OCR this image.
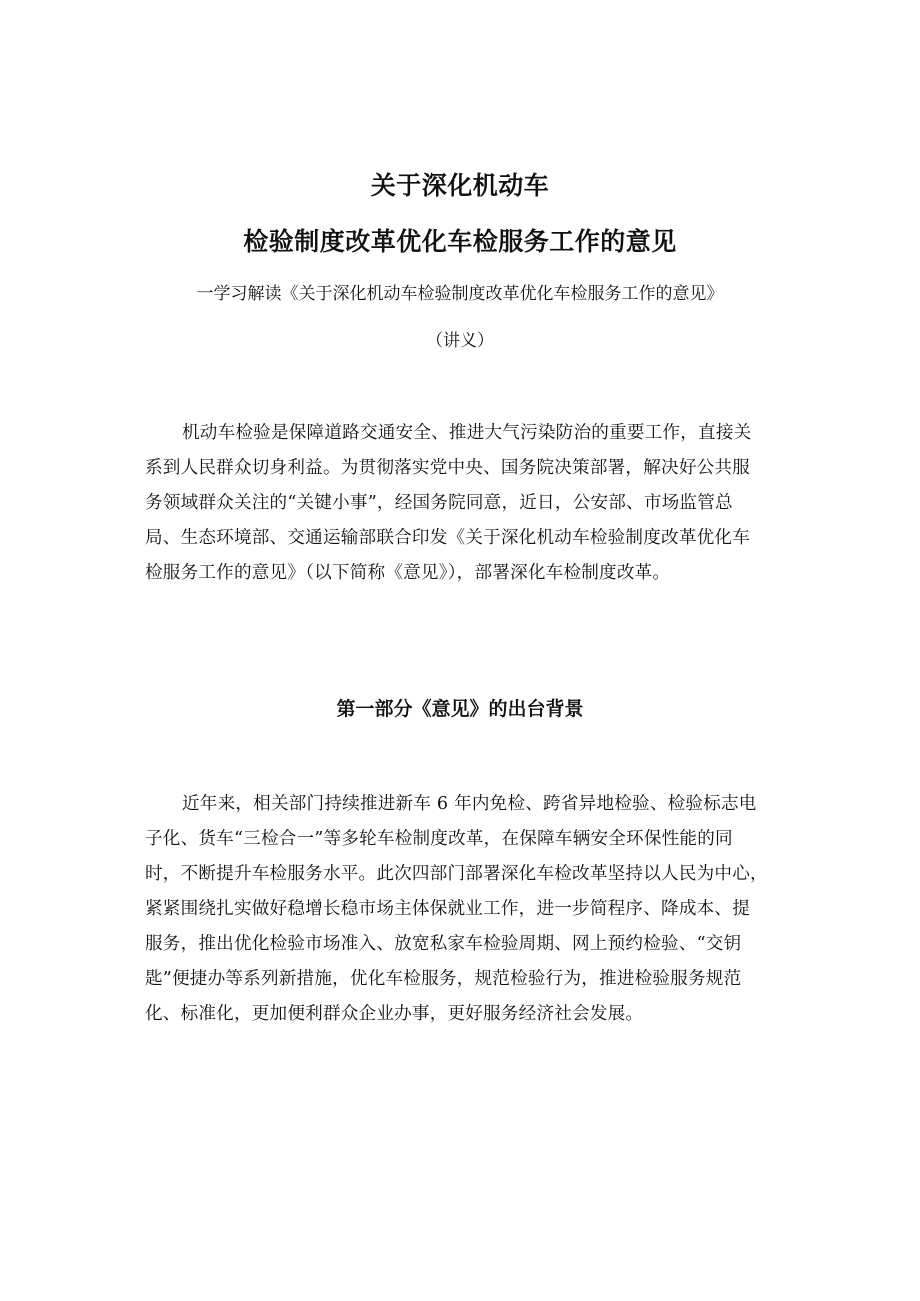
关于深化机动车
检验制度改革优化车检服务工作的意见
一学习解读《关于深化机动车检验制度改革优化车检服务工作的意见》
（讲义）
机动车检验是保障道路交通安全、推进大气污染防治的重要工作，直接关
系到人民群众切身利益。为贯彻落实党中央、国务院决策部署，解决好公共服
务领域群众关注的“关键小事”，经国务院同意，近日，公安部、市场监管总
局、生态环境部、交通运输部联合印发《关于深化机动车检验制度改革优化车
检服务工作的意见》（以下简称《意见》），部署深化车检制度改革。
第一部分《意见》的出台背景
近年来，相关部门持续推进新车 6 年内免检、跨省异地检验、检验标志电
子化、货车“三检合一”等多轮车检制度改革，在保障车辆安全环保性能的同
时，不断提升车检服务水平。此次四部门部署深化车检改革坚持以人民为中心，
紧紧围绕扎实做好稳增长稳市场主体保就业工作，进一步简程序、降成本、提
服务，推出优化检验市场准入、放宽私家车检验周期、网上预约检验、“交钥
匙”便捷办等系列新措施，优化车检服务，规范检验行为，推进检验服务规范
化、标准化，更加便利群众企业办事，更好服务经济社会发展。
